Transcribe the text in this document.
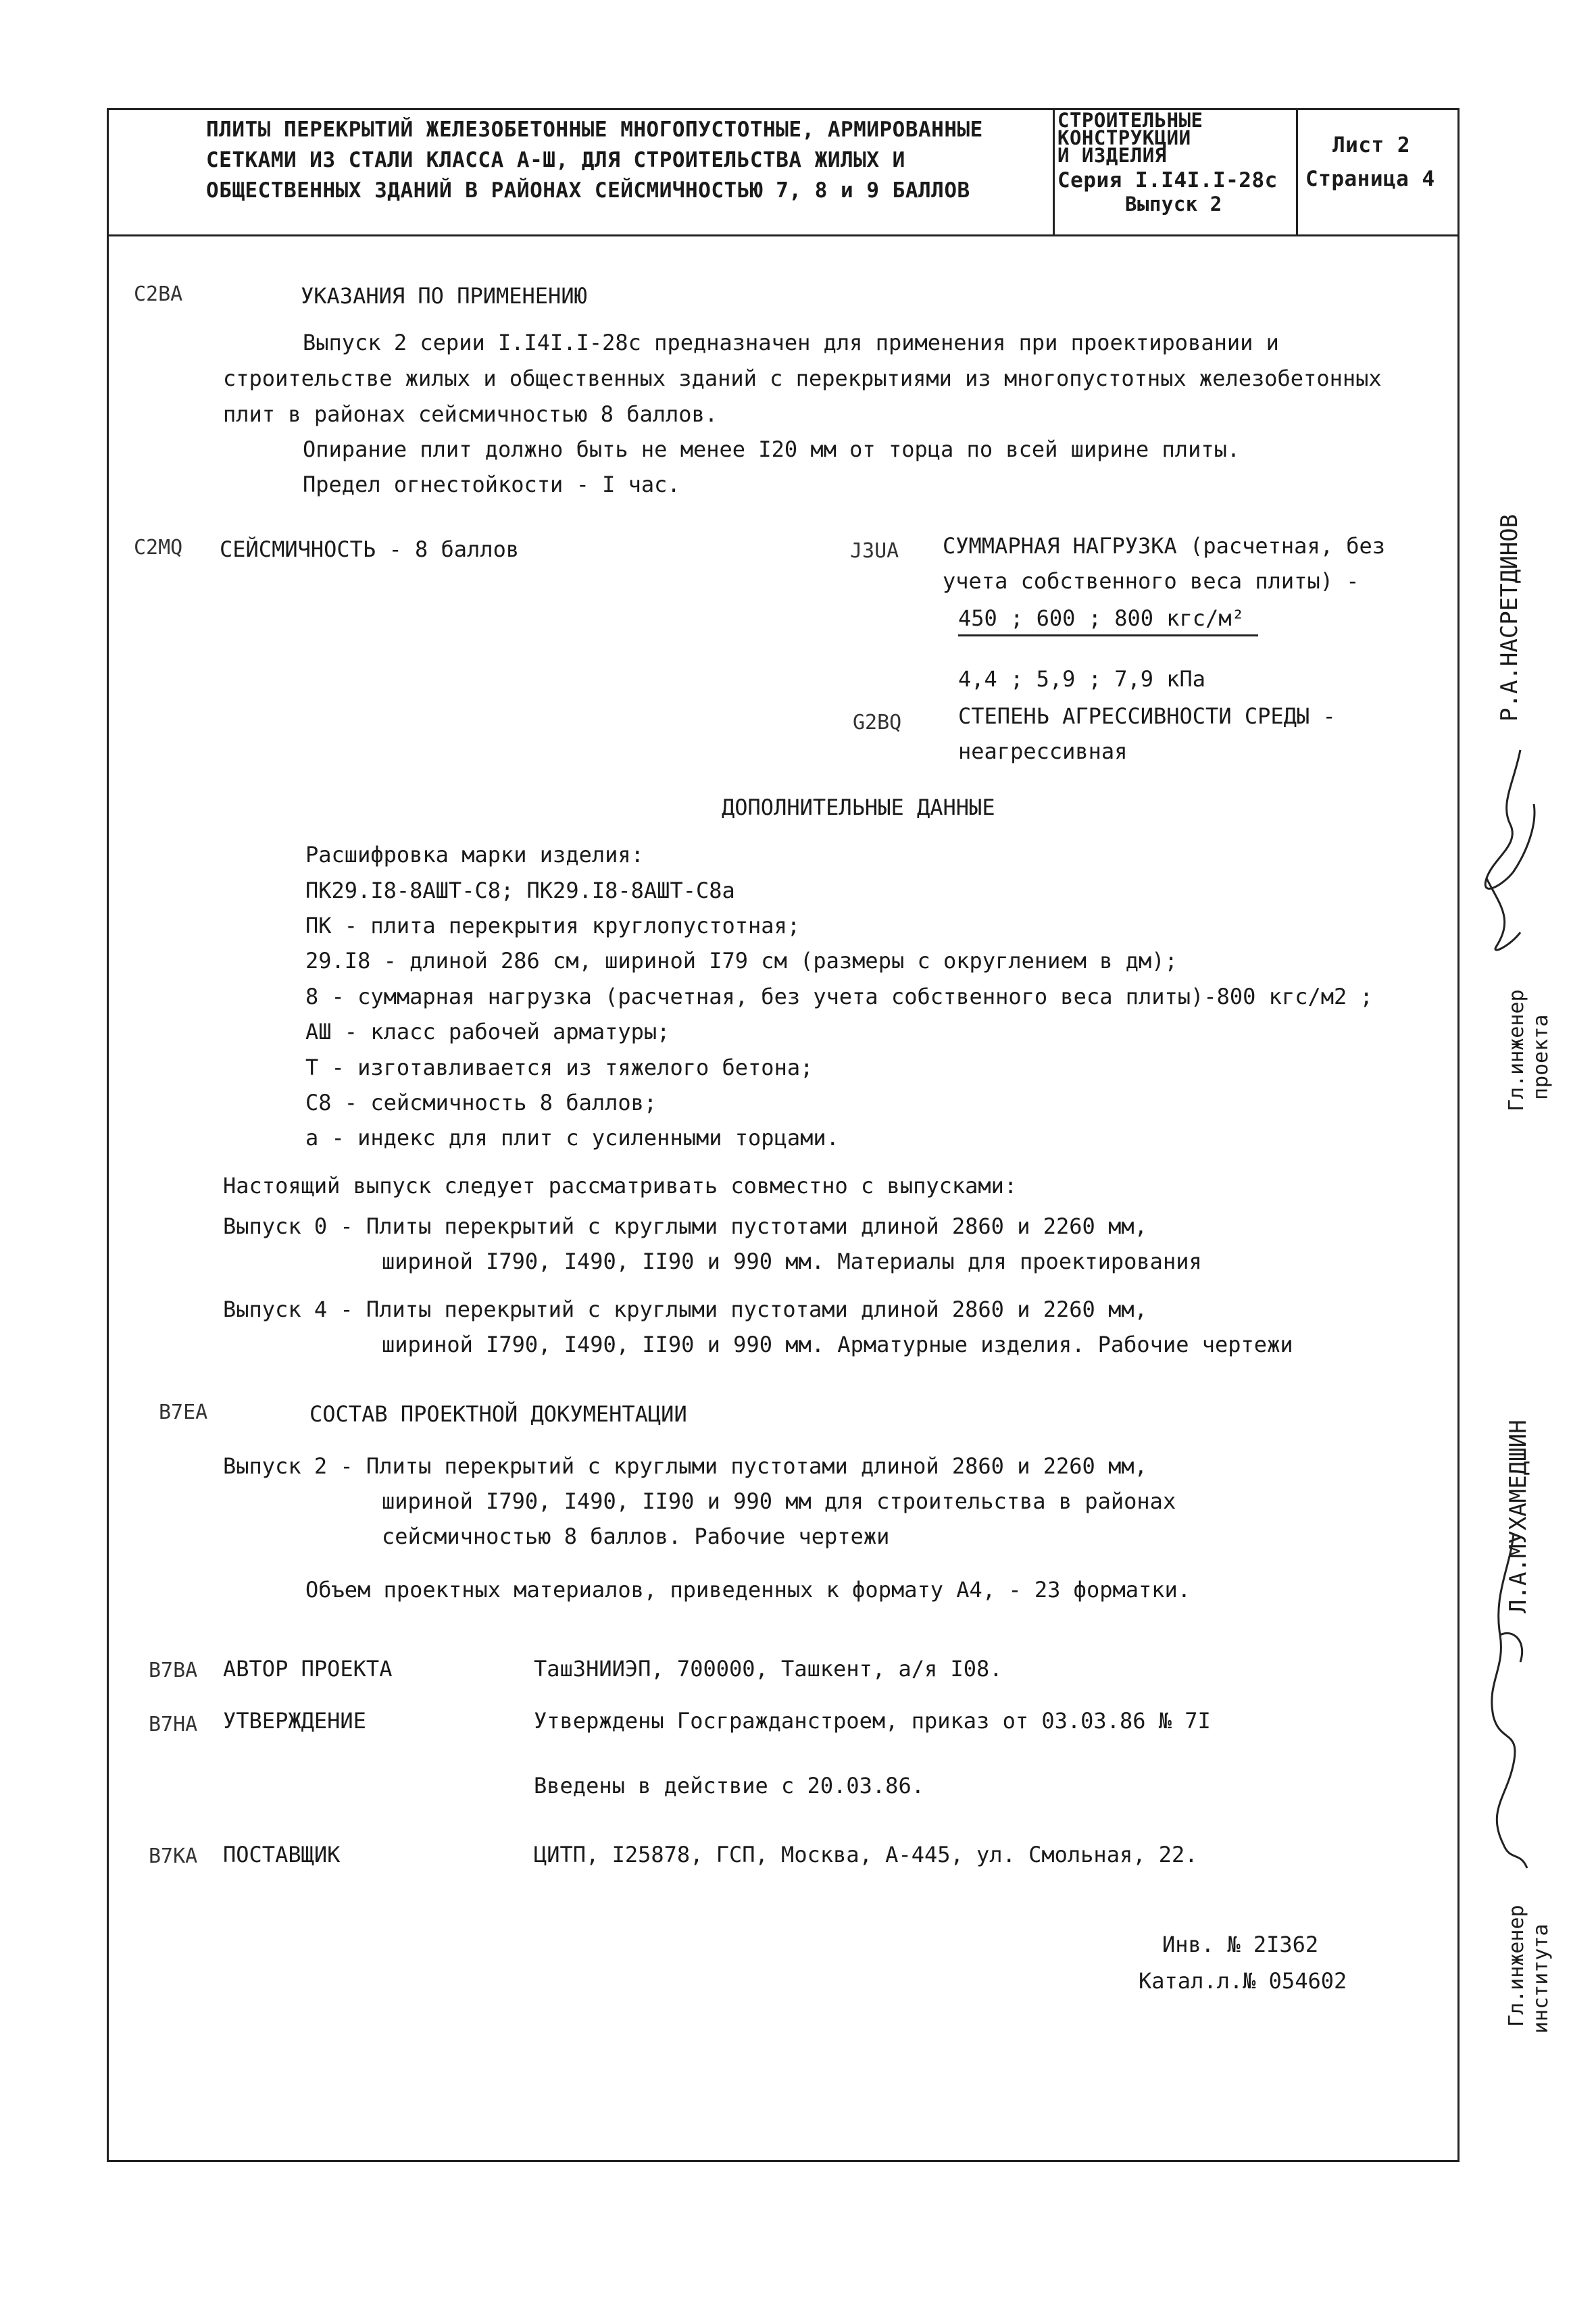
ПЛИТЫ ПЕРЕКРЫТИЙ ЖЕЛЕЗОБЕТОННЫЕ МНОГОПУСТОТНЫЕ, АРМИРОВАННЫЕ
СЕТКАМИ ИЗ СТАЛИ КЛАССА А-Ш, ДЛЯ СТРОИТЕЛЬСТВА ЖИЛЫХ И
ОБЩЕСТВЕННЫХ ЗДАНИЙ В РАЙОНАХ СЕЙСМИЧНОСТЬЮ 7, 8 и 9 БАЛЛОВ
СТРОИТЕЛЬНЫЕ
КОНСТРУКЦИИ
И ИЗДЕЛИЯ
Серия I.I4I.I-28с
Выпуск 2
Лист 2
Страница 4
C2BA	УКАЗАНИЯ ПО ПРИМЕНЕНИЮ
Выпуск 2 серии I.I4I.I-28с предназначен для применения при проектировании и
строительстве жилых и общественных зданий с перекрытиями из многопустотных железобетонных
плит в районах сейсмичностью 8 баллов.
Опирание плит должно быть не менее I20 мм от торца по всей ширине плиты.
Предел огнестойкости - I час.
C2MQ СЕЙСМИЧНОСТЬ - 8 баллов	J3UA СУММАРНАЯ НАГРУЗКА (расчетная, без
учета собственного веса плиты) -
450 ; 600 ; 800 кгс/м²
4,4 ; 5,9 ; 7,9 кПа
G2BQ	СТЕПЕНЬ АГРЕССИВНОСТИ СРЕДЫ -
неагрессивная
ДОПОЛНИТЕЛЬНЫЕ ДАННЫЕ
Расшифровка марки изделия:
ПК29.I8-8АШТ-С8; ПК29.I8-8АШТ-С8а
ПК - плита перекрытия круглопустотная;
29.I8 - длиной 286 см, шириной I79 см (размеры с округлением в дм);
8 - суммарная нагрузка (расчетная, без учета собственного веса плиты)-800 кгс/м2 ;
АШ - класс рабочей арматуры;
Т - изготавливается из тяжелого бетона;
С8 - сейсмичность 8 баллов;
а - индекс для плит с усиленными торцами.
Настоящий выпуск следует рассматривать совместно с выпусками:
Выпуск 0 - Плиты перекрытий с круглыми пустотами длиной 2860 и 2260 мм,
шириной I790, I490, II90 и 990 мм. Материалы для проектирования
Выпуск 4 - Плиты перекрытий с круглыми пустотами длиной 2860 и 2260 мм,
шириной I790, I490, II90 и 990 мм. Арматурные изделия. Рабочие чертежи
B7EA	СОСТАВ ПРОЕКТНОЙ ДОКУМЕНТАЦИИ
Выпуск 2 - Плиты перекрытий с круглыми пустотами длиной 2860 и 2260 мм,
шириной I790, I490, II90 и 990 мм для строительства в районах
сейсмичностью 8 баллов. Рабочие чертежи
Объем проектных материалов, приведенных к формату А4, - 23 форматки.
B7BA АВТОР ПРОЕКТА	ТашЗНИИЭП, 700000, Ташкент, а/я I08.
B7HA УТВЕРЖДЕНИЕ	Утверждены Госгражданстроем, приказ от 03.03.86 № 7I
Введены в действие с 20.03.86.
B7KA ПОСТАВЩИК	ЦИТП, I25878, ГСП, Москва, А-445, ул. Смольная, 22.
Инв. № 2I362
Катал.л.№ 054602
Р.А.НАСРЕТДИНОВ
Гл.инженер проекта
Л.А.МУХАМЕДШИН
Гл.инженер института
